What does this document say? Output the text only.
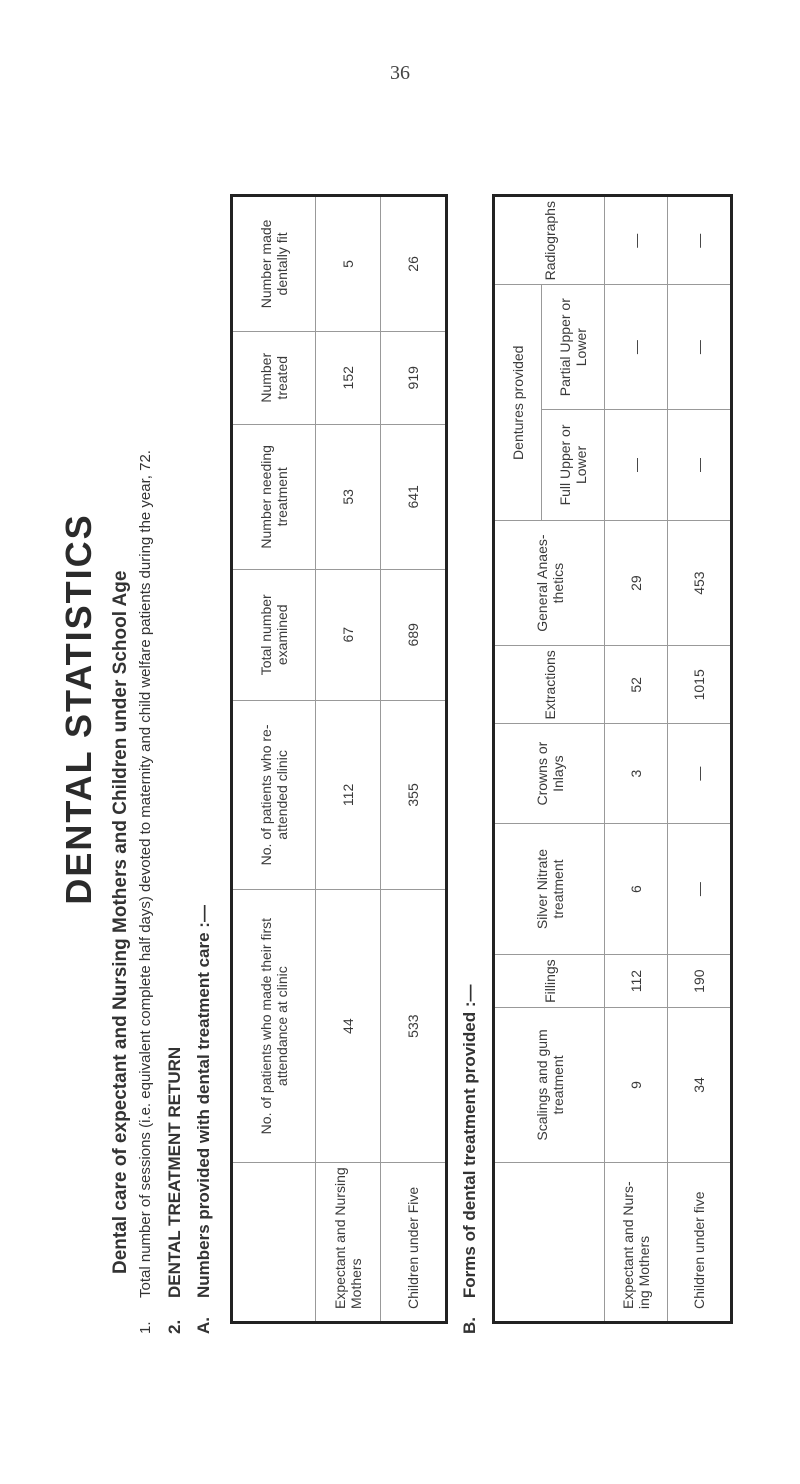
36
DENTAL STATISTICS Dental care of expectant and Nursing Mothers and Children under School Age
1.
Total number of sessions (i.e. equivalent complete half days) devoted to maternity and child welfare patients during the year, 72.
2.
DENTAL TREATMENT RETURN
A.
Numbers provided with dental treatment care :—
		No. of patients who made their first attendance at clinic	No. of patients who re-attended clinic	Total number examined	Number needing treatment	Number treated	Number made dentally fit
Expectant and Nursing Mothers	44	112	67	53	152	5
Children under Five	533	355	689	641	919	26
B.    Forms of dental treatment provided :—
		Scalings and gum treatment	Fillings	Silver Nitrate treatment	Crowns or Inlays	Extractions	General Anaes-thetics	Dentures provided		Radiographs
							Full Upper or Lower	Partial Upper or Lower	
Expectant and Nurs-ing Mothers	9	112	6	3	52	29	—	—	—
Children under five	34	190	—	—	1015	453	—	—	—
